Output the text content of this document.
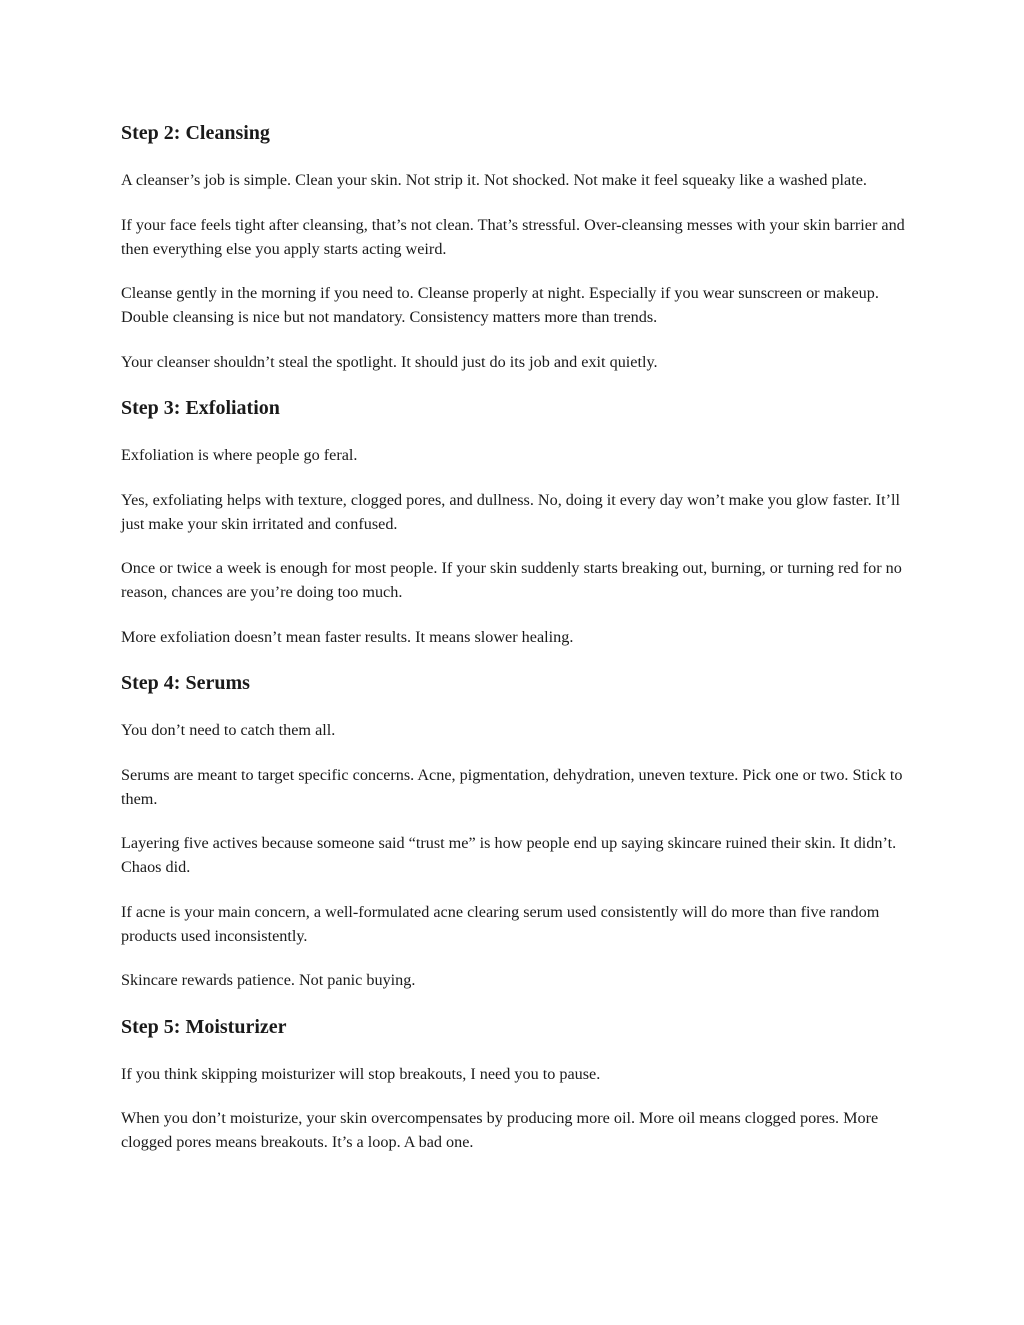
Step 2: Cleansing

A cleanser’s job is simple. Clean your skin. Not strip it. Not shocked. Not make it feel squeaky like a washed plate.

If your face feels tight after cleansing, that’s not clean. That’s stressful. Over-cleansing messes with your skin barrier and then everything else you apply starts acting weird.

Cleanse gently in the morning if you need to. Cleanse properly at night. Especially if you wear sunscreen or makeup. Double cleansing is nice but not mandatory. Consistency matters more than trends.

Your cleanser shouldn’t steal the spotlight. It should just do its job and exit quietly.

Step 3: Exfoliation

Exfoliation is where people go feral.

Yes, exfoliating helps with texture, clogged pores, and dullness. No, doing it every day won’t make you glow faster. It’ll just make your skin irritated and confused.

Once or twice a week is enough for most people. If your skin suddenly starts breaking out, burning, or turning red for no reason, chances are you’re doing too much.

More exfoliation doesn’t mean faster results. It means slower healing.

Step 4: Serums

You don’t need to catch them all.

Serums are meant to target specific concerns. Acne, pigmentation, dehydration, uneven texture. Pick one or two. Stick to them.

Layering five actives because someone said “trust me” is how people end up saying skincare ruined their skin. It didn’t. Chaos did.

If acne is your main concern, a well-formulated acne clearing serum used consistently will do more than five random products used inconsistently.

Skincare rewards patience. Not panic buying.

Step 5: Moisturizer

If you think skipping moisturizer will stop breakouts, I need you to pause.

When you don’t moisturize, your skin overcompensates by producing more oil. More oil means clogged pores. More clogged pores means breakouts. It’s a loop. A bad one.
